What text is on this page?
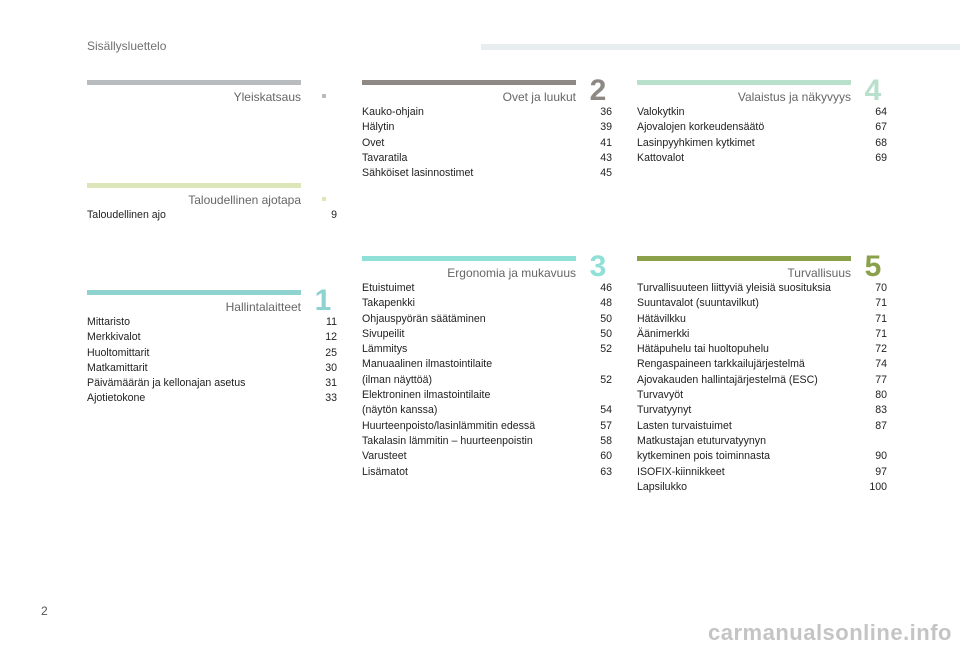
Sisällysluettelo
Yleiskatsaus
Taloudellinen ajotapa
Taloudellinen ajo	9
Hallintalaitteet 1
Mittaristo	11
Merkkivalot	12
Huoltomittarit	25
Matkamittarit	30
Päivämäärän ja kellonajan asetus	31
Ajotietokone	33
Ovet ja luukut 2
Kauko-ohjain	36
Hälytin	39
Ovet	41
Tavaratila	43
Sähköiset lasinnostimet	45
Ergonomia ja mukavuus 3
Etuistuimet	46
Takapenkki	48
Ohjauspyörän säätäminen	50
Sivupeilit	50
Lämmitys	52
Manuaalinen ilmastointilaite
(ilman näyttöä)	52
Elektroninen ilmastointilaite
(näytön kanssa)	54
Huurteenpoisto/lasinlämmitin edessä	57
Takalasin lämmitin – huurteenpoistin	58
Varusteet	60
Lisämatot	63
Valaistus ja näkyvyys 4
Valokytkin	64
Ajovalojen korkeudensäätö	67
Lasinpyyhkimen kytkimet	68
Kattovalot	69
Turvallisuus 5
Turvallisuuteen liittyviä yleisiä suosituksia	70
Suuntavalot (suuntavilkut)	71
Hätävilkku	71
Äänimerkki	71
Hätäpuhelu tai huoltopuhelu	72
Rengaspaineen tarkkailujärjestelmä	74
Ajovakauden hallintajärjestelmä (ESC)	77
Turvavyöt	80
Turvatyynyt	83
Lasten turvaistuimet	87
Matkustajan etuturvatyynyn
kytkeminen pois toiminnasta	90
ISOFIX-kiinnikkeet	97
Lapsilukko	100
2
carmanualsonline.info
